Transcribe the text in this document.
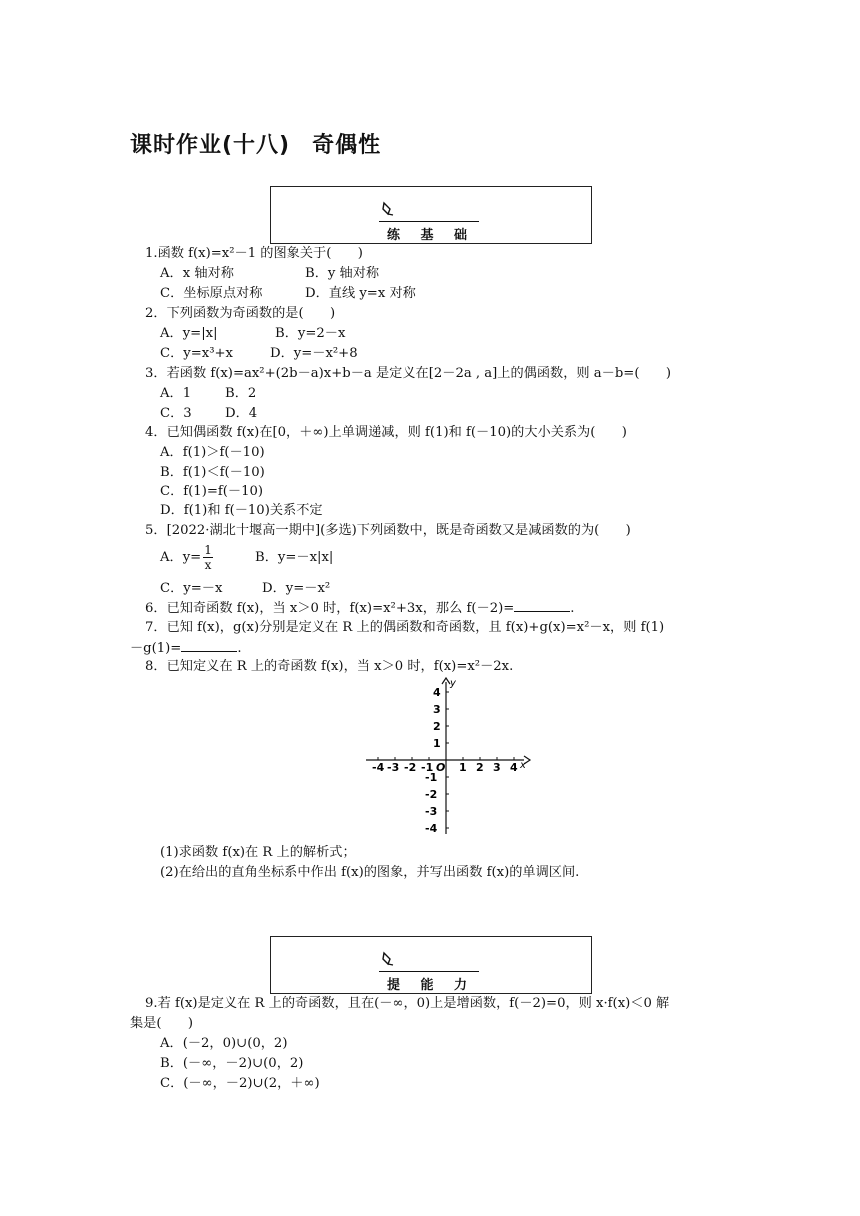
课时作业(十八) 奇偶性
练 基 础
1.函数 f(x)=x²－1 的图象关于(　　)
A．x 轴对称	B．y 轴对称
C．坐标原点对称	D．直线 y=x 对称
2．下列函数为奇函数的是(　　)
A．y=|x|	B．y=2－x
C．y=x³+x	D．y=－x²+8
3．若函数 f(x)=ax²+(2b－a)x+b－a 是定义在[2－2a , a]上的偶函数，则 a－b=(　　)
A．1	B．2
C．3	D．4
4．已知偶函数 f(x)在[0，＋∞)上单调递减，则 f(1)和 f(－10)的大小关系为(　　)
A．f(1)＞f(－10)
B．f(1)＜f(－10)
C．f(1)=f(－10)
D．f(1)和 f(－10)关系不定
5．[2022·湖北十堰高一期中](多选)下列函数中，既是奇函数又是减函数的为(　　)
A．$y= \frac{1}{x}$	B．y=－x|x|
C．y=－x	D．y=－x²
6．已知奇函数 f(x)，当 x＞0 时，f(x)=x²+3x，那么 f(－2)=	.
7．已知 f(x)，g(x)分别是定义在 R 上的偶函数和奇函数，且 f(x)+g(x)=x²－x，则 f(1)
－g(1)=	.
8．已知定义在 R 上的奇函数 f(x)，当 x＞0 时，f(x)=x²－2x.
-4 -3 -2 -1 O 1 2 3 4 x
4
3
2
1
-1
-2
-3
-4
y
(1)求函数 f(x)在 R 上的解析式；
(2)在给出的直角坐标系中作出 f(x)的图象，并写出函数 f(x)的单调区间.
提 能 力
9.若 f(x)是定义在 R 上的奇函数，且在(－∞，0)上是增函数，f(－2)=0，则 x·f(x)＜0 解
集是(　　)
A．(－2，0)∪(0，2)
B．(－∞，－2)∪(0，2)
C．(－∞，－2)∪(2，＋∞)
